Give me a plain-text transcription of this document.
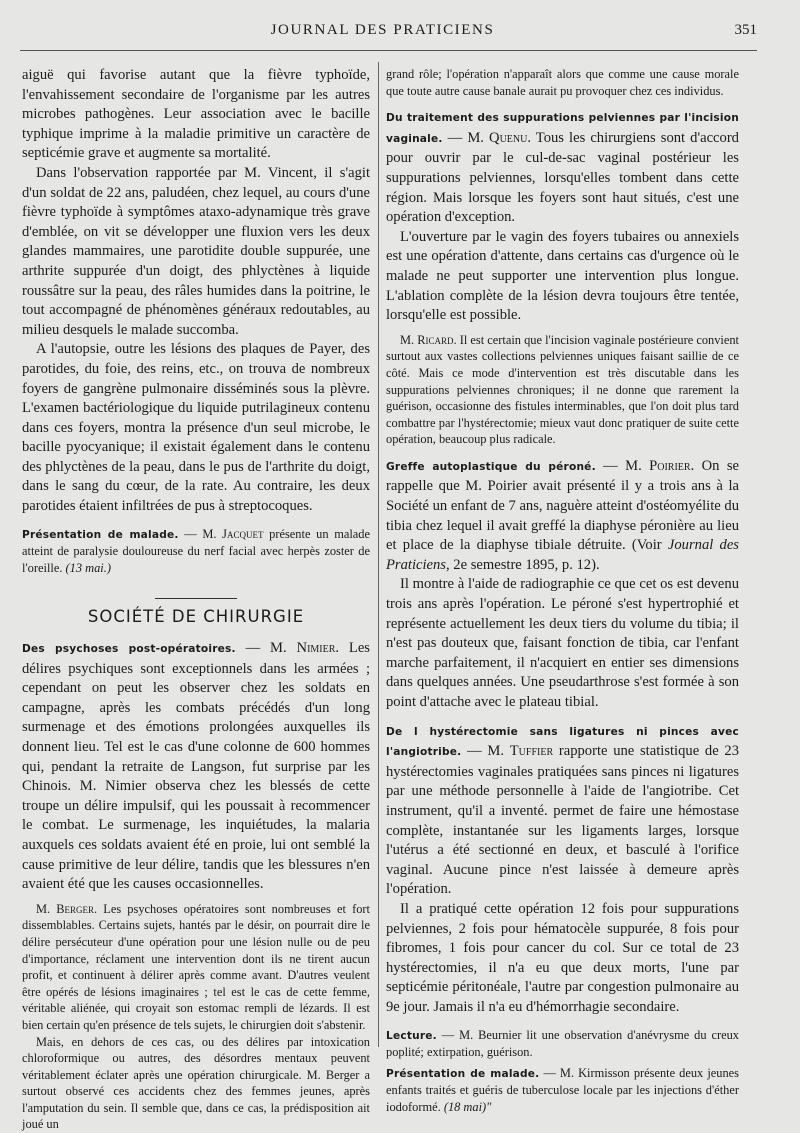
JOURNAL DES PRATICIENS	351

aiguë qui favorise autant que la fièvre typhoïde, l'envahissement secondaire de l'organisme par les autres microbes pathogènes. Leur association avec le bacille typhique imprime à la maladie primitive un caractère de septicémie grave et augmente sa mortalité.

Dans l'observation rapportée par M. Vincent, il s'agit d'un soldat de 22 ans, paludéen, chez lequel, au cours d'une fièvre typhoïde à symptômes ataxo-adynamique très grave d'emblée, on vit se développer une fluxion vers les deux glandes mammaires, une parotidite double suppurée, une arthrite suppurée d'un doigt, des phlyctènes à liquide roussâtre sur la peau, des râles humides dans la poitrine, le tout accompagné de phénomènes généraux redoutables, au milieu desquels le malade succomba.

A l'autopsie, outre les lésions des plaques de Payer, des parotides, du foie, des reins, etc., on trouva de nombreux foyers de gangrène pulmonaire disséminés sous la plèvre. L'examen bactériologique du liquide putrilagineux contenu dans ces foyers, montra la présence d'un seul microbe, le bacille pyocyanique; il existait également dans le contenu des phlyctènes de la peau, dans le pus de l'arthrite du doigt, dans le sang du cœur, de la rate. Au contraire, les deux parotides étaient infiltrées de pus à streptocoques.

Présentation de malade. — M. Jacquet présente un malade atteint de paralysie douloureuse du nerf facial avec herpès zoster de l'oreille. (13 mai.)

SOCIÉTÉ DE CHIRURGIE

Des psychoses post-opératoires. — M. Nimier. Les délires psychiques sont exceptionnels dans les armées ; cependant on peut les observer chez les soldats en campagne, après les combats précédés d'un long surmenage et des émotions prolongées auxquelles ils donnent lieu. Tel est le cas d'une colonne de 600 hommes qui, pendant la retraite de Langson, fut surprise par les Chinois. M. Nimier observa chez les blessés de cette troupe un délire impulsif, qui les poussait à recommencer le combat. Le surmenage, les inquiétudes, la malaria auxquels ces soldats avaient été en proie, lui ont semblé la cause primitive de leur délire, tandis que les blessures n'en avaient été que les causes occasionnelles.

M. Berger. Les psychoses opératoires sont nombreuses et fort dissemblables. Certains sujets, hantés par le désir, on pourrait dire le délire persécuteur d'une opération pour une lésion nulle ou de peu d'importance, réclament une intervention dont ils ne tirent aucun profit, et continuent à délirer après comme avant. D'autres veulent être opérés de lésions imaginaires ; tel est le cas de cette femme, véritable aliénée, qui croyait son estomac rempli de lézards. Il est bien certain qu'en présence de tels sujets, le chirurgien doit s'abstenir.

Mais, en dehors de ces cas, ou des délires par intoxication chloroformique ou autres, des désordres mentaux peuvent véritablement éclater après une opération chirurgicale. M. Berger a surtout observé ces accidents chez des femmes jeunes, après l'amputation du sein. Il semble que, dans ce cas, la prédisposition ait joué un

grand rôle; l'opération n'apparaît alors que comme une cause morale que toute autre cause banale aurait pu provoquer chez ces individus.

Du traitement des suppurations pelviennes par l'incision vaginale. — M. Quenu. Tous les chirurgiens sont d'accord pour ouvrir par le cul-de-sac vaginal postérieur les suppurations pelviennes, lorsqu'elles tombent dans cette région. Mais lorsque les foyers sont haut situés, c'est une opération d'exception.

L'ouverture par le vagin des foyers tubaires ou annexiels est une opération d'attente, dans certains cas d'urgence où le malade ne peut supporter une intervention plus longue. L'ablation complète de la lésion devra toujours être tentée, lorsqu'elle est possible.

M. Ricard. Il est certain que l'incision vaginale postérieure convient surtout aux vastes collections pelviennes uniques faisant saillie de ce côté. Mais ce mode d'intervention est très discutable dans les suppurations pelviennes chroniques; il ne donne que rarement la guérison, occasionne des fistules interminables, que l'on doit plus tard combattre par l'hystérectomie; mieux vaut donc pratiquer de suite cette opération, beaucoup plus radicale.

Greffe autoplastique du péroné. — M. Poirier. On se rappelle que M. Poirier avait présenté il y a trois ans à la Société un enfant de 7 ans, naguère atteint d'ostéomyélite du tibia chez lequel il avait greffé la diaphyse péronière au lieu et place de la diaphyse tibiale détruite. (Voir Journal des Praticiens, 2e semestre 1895, p. 12).

Il montre à l'aide de radiographie ce que cet os est devenu trois ans après l'opération. Le péroné s'est hypertrophié et représente actuellement les deux tiers du volume du tibia; il n'est pas douteux que, faisant fonction de tibia, car l'enfant marche parfaitement, il n'acquiert en entier ses dimensions dans quelques années. Une pseudarthrose s'est formée à son point d'attache avec le plateau tibial.

De l hystérectomie sans ligatures ni pinces avec l'angiotribe. — M. Tuffier rapporte une statistique de 23 hystérectomies vaginales pratiquées sans pinces ni ligatures par une méthode personnelle à l'aide de l'angiotribe. Cet instrument, qu'il a inventé. permet de faire une hémostase complète, instantanée sur les ligaments larges, lorsque l'utérus a été sectionné en deux, et basculé à l'orifice vaginal. Aucune pince n'est laissée à demeure après l'opération.

Il a pratiqué cette opération 12 fois pour suppurations pelviennes, 2 fois pour hématocèle suppurée, 8 fois pour fibromes, 1 fois pour cancer du col. Sur ce total de 23 hystérectomies, il n'a eu que deux morts, l'une par septicémie péritonéale, l'autre par congestion pulmonaire au 9e jour. Jamais il n'a eu d'hémorrhagie secondaire.

Lecture. — M. Beurnier lit une observation d'anévrysme du creux poplité; extirpation, guérison.

Présentation de malade. — M. Kirmisson présente deux jeunes enfants traités et guéris de tuberculose locale par les injections d'éther iodoformé. (18 mai)"
